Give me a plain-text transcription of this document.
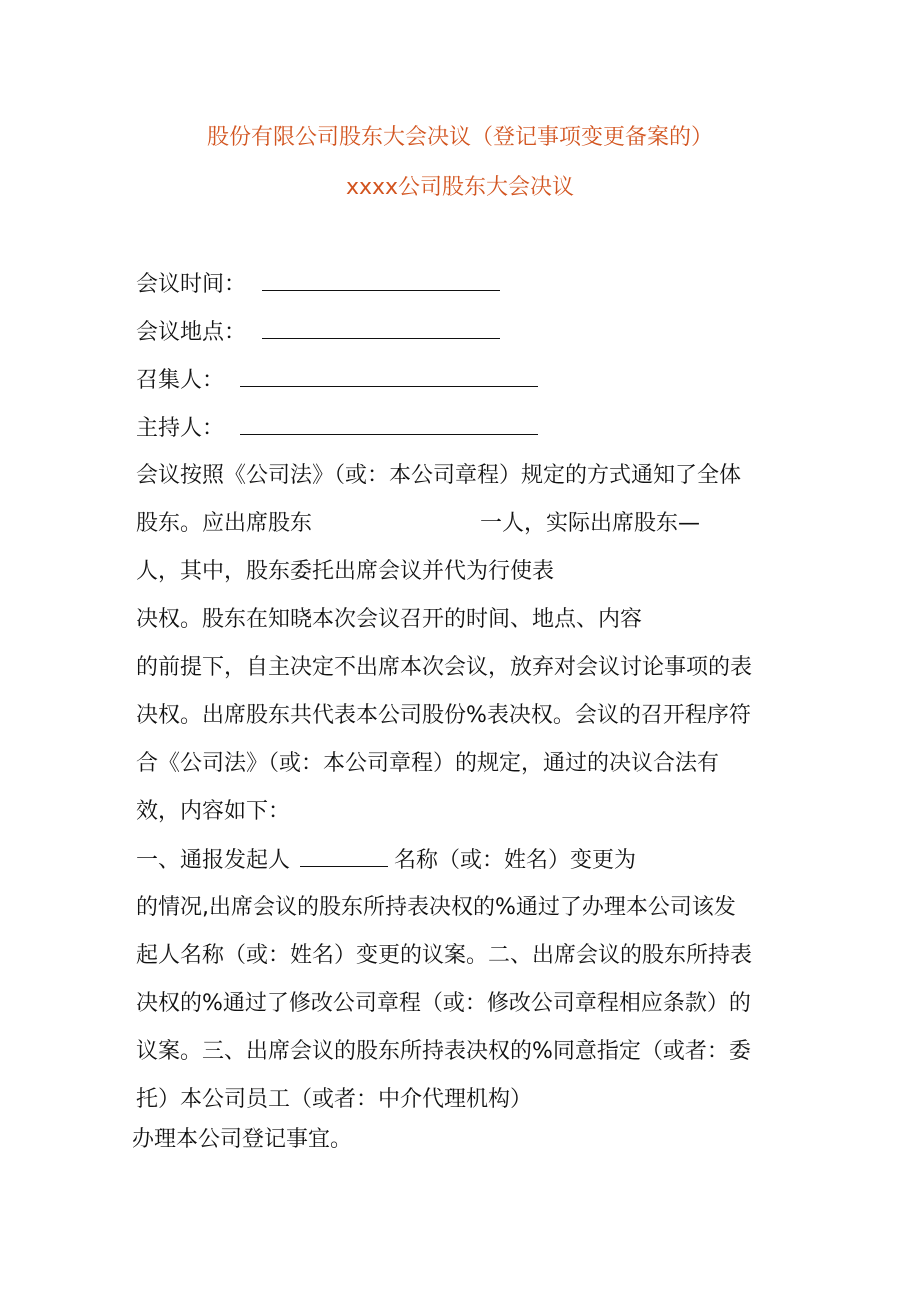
股份有限公司股东大会决议（登记事项变更备案的）
xxxx公司股东大会决议
会议时间：
会议地点：
召集人：
主持人：
会议按照《公司法》（或：本公司章程）规定的方式通知了全体
股东。应出席股东	一人，实际出席股东—
人，其中，股东委托出席会议并代为行使表
决权。股东在知晓本次会议召开的时间、地点、内容
的前提下，自主决定不出席本次会议，放弃对会议讨论事项的表
决权。出席股东共代表本公司股份%表决权。会议的召开程序符
合《公司法》（或：本公司章程）的规定，通过的决议合法有
效，内容如下：
一、通报发起人	名称（或：姓名）变更为
的情况,出席会议的股东所持表决权的%通过了办理本公司该发
起人名称（或：姓名）变更的议案。二、出席会议的股东所持表
决权的%通过了修改公司章程（或：修改公司章程相应条款）的
议案。三、出席会议的股东所持表决权的%同意指定（或者：委
托）本公司员工（或者：中介代理机构）
办理本公司登记事宜。
